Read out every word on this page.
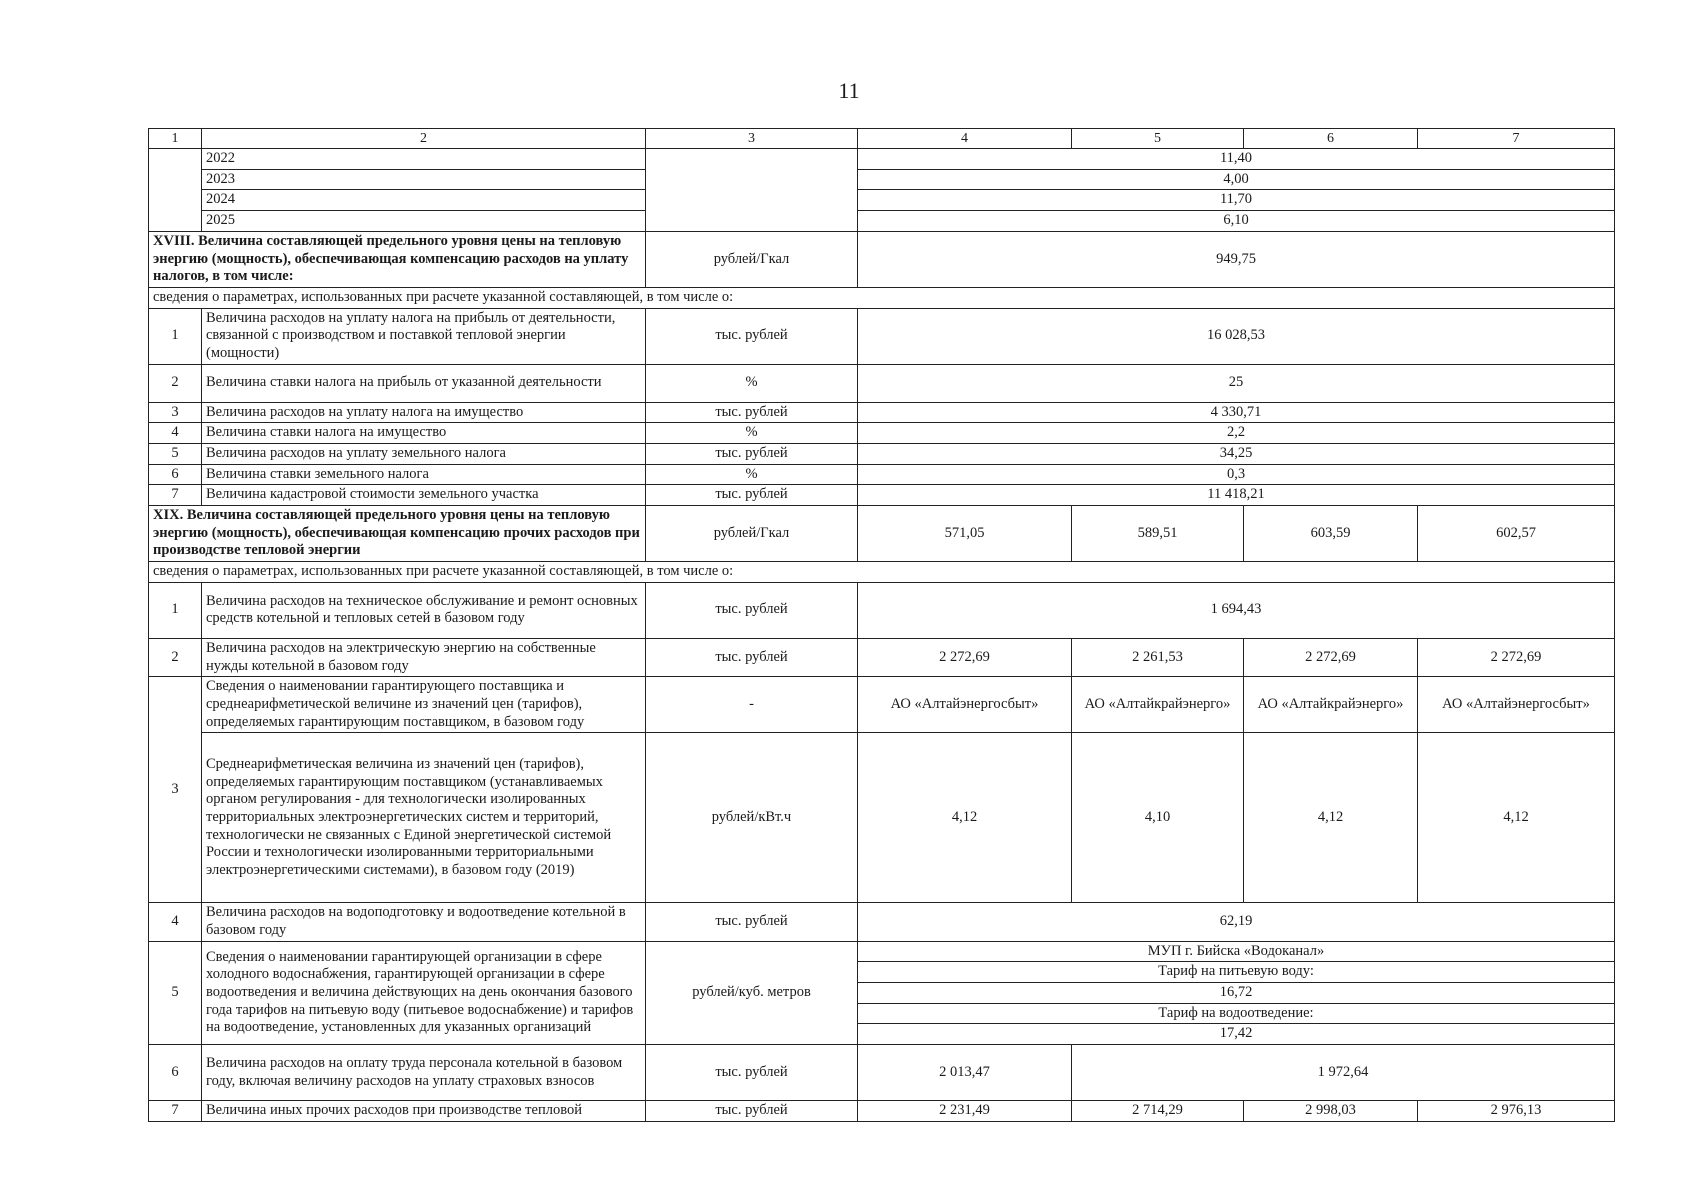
11
1	2	3	4	5	6	7
	2022		11,40			
	2023		4,00			
	2024		11,70			
	2025		6,10			
XVIII. Величина составляющей предельного уровня цены на тепловую энергию (мощность), обеспечивающая компенсацию расходов на уплату налогов, в том числе:		рублей/Гкал	949,75			
сведения о параметрах, использованных при расчете указанной составляющей, в том числе о:						
1	Величина расходов на уплату налога на прибыль от деятельности, связанной с производством и поставкой тепловой энергии (мощности)	тыс. рублей	16 028,53			
2	Величина ставки налога на прибыль от указанной деятельности	%	25			
3	Величина расходов на уплату налога на имущество	тыс. рублей	4 330,71			
4	Величина ставки налога на имущество	%	2,2			
5	Величина расходов на уплату земельного налога	тыс. рублей	34,25			
6	Величина ставки земельного налога	%	0,3			
7	Величина кадастровой стоимости земельного участка	тыс. рублей	11 418,21			
XIX. Величина составляющей предельного уровня цены на тепловую энергию (мощность), обеспечивающая компенсацию прочих расходов при производстве тепловой энергии		рублей/Гкал	571,05	589,51	603,59	602,57
сведения о параметрах, использованных при расчете указанной составляющей, в том числе о:						
1	Величина расходов на техническое обслуживание и ремонт основных средств котельной и тепловых сетей в базовом году	тыс. рублей	1 694,43			
2	Величина расходов на электрическую энергию на собственные нужды котельной в базовом году	тыс. рублей	2 272,69	2 261,53	2 272,69	2 272,69
3	Сведения о наименовании гарантирующего поставщика и среднеарифметической величине из значений цен (тарифов), определяемых гарантирующим поставщиком, в базовом году	-	АО «Алтайэнергосбыт»	АО «Алтайкрайэнерго»	АО «Алтайкрайэнерго»	АО «Алтайэнергосбыт»
	Среднеарифметическая величина из значений цен (тарифов), определяемых гарантирующим поставщиком (устанавливаемых органом регулирования - для технологически изолированных территориальных электроэнергетических систем и территорий, технологически не связанных с Единой энергетической системой России и технологически изолированными территориальными электроэнергетическими системами), в базовом году (2019)	рублей/кВт.ч	4,12	4,10	4,12	4,12
4	Величина расходов на водоподготовку и водоотведение котельной в базовом году	тыс. рублей	62,19			
5	Сведения о наименовании гарантирующей организации в сфере холодного водоснабжения, гарантирующей организации в сфере водоотведения и величина действующих на день окончания базового года тарифов на питьевую воду (питьевое водоснабжение) и тарифов на водоотведение, установленных для указанных организаций	рублей/куб. метров	МУП г. Бийска «Водоканал»			
			Тариф на питьевую воду:			
			16,72			
			Тариф на водоотведение:			
			17,42			
6	Величина расходов на оплату труда персонала котельной в базовом году, включая величину расходов на уплату страховых взносов	тыс. рублей	2 013,47	1 972,64		
7	Величина иных прочих расходов при производстве тепловой	тыс. рублей	2 231,49	2 714,29	2 998,03	2 976,13
